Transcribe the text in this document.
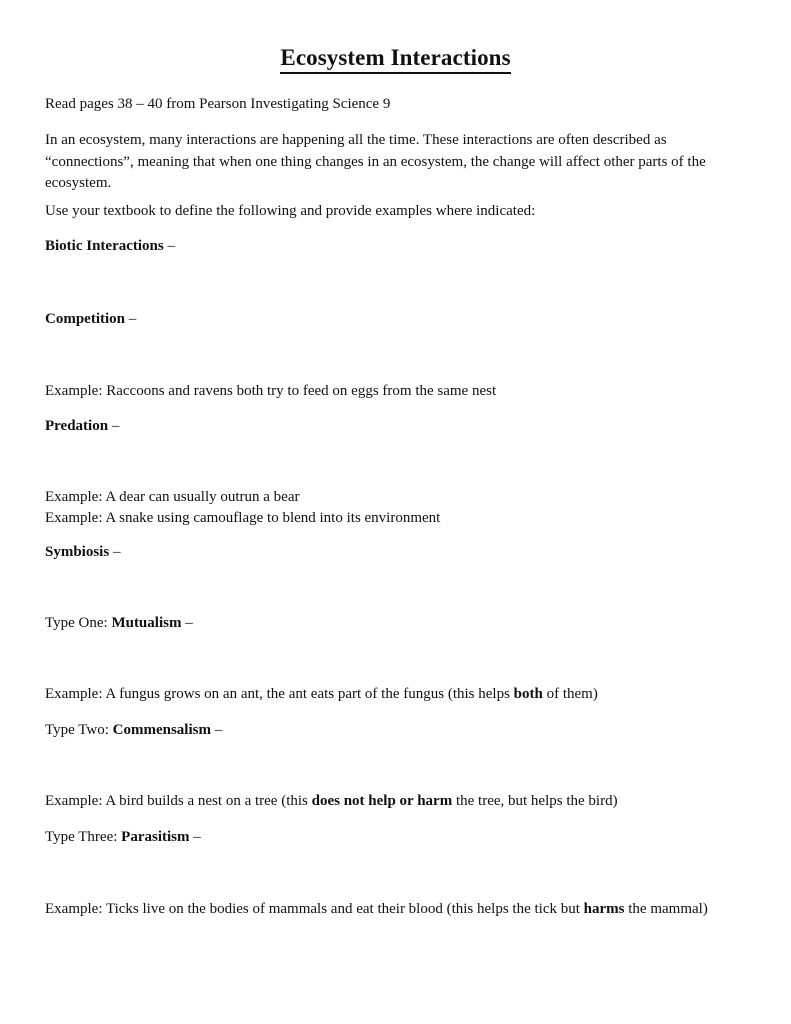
Ecosystem Interactions
Read pages 38 – 40 from Pearson Investigating Science 9
In an ecosystem, many interactions are happening all the time. These interactions are often described as “connections”, meaning that when one thing changes in an ecosystem, the change will affect other parts of the ecosystem.
Use your textbook to define the following and provide examples where indicated:
Biotic Interactions –
Competition –
Example: Raccoons and ravens both try to feed on eggs from the same nest
Predation –
Example: A dear can usually outrun a bear
Example: A snake using camouflage to blend into its environment
Symbiosis –
Type One: Mutualism –
Example: A fungus grows on an ant, the ant eats part of the fungus (this helps both of them)
Type Two: Commensalism –
Example: A bird builds a nest on a tree (this does not help or harm the tree, but helps the bird)
Type Three: Parasitism –
Example: Ticks live on the bodies of mammals and eat their blood (this helps the tick but harms the mammal)
